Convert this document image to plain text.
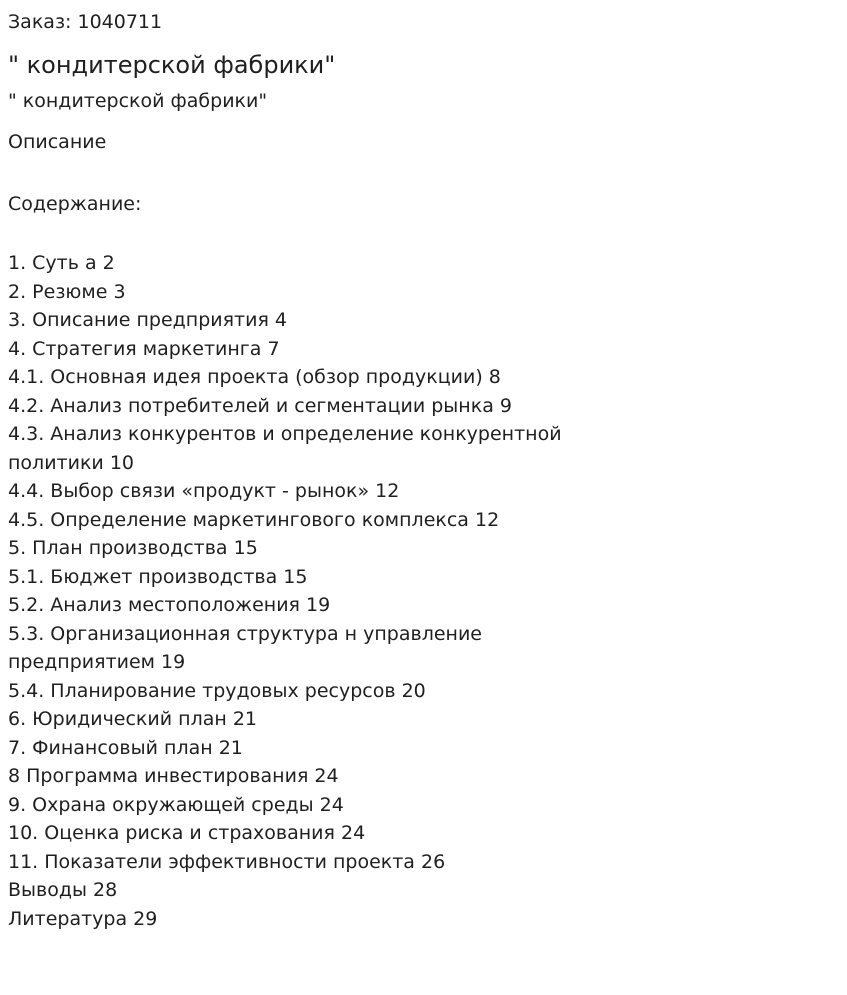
Заказ: 1040711

" кондитерской фабрики"
" кондитерской фабрики"
Описание
Содержание:
1. Суть а 2
2. Резюме 3
3. Описание предприятия 4
4. Стратегия маркетинга 7
4.1. Основная идея проекта (обзор продукции) 8
4.2. Анализ потребителей и сегментации рынка 9
4.3. Анализ конкурентов и определение конкурентной политики 10
4.4. Выбор связи «продукт - рынок» 12
4.5. Определение маркетингового комплекса 12
5. План производства 15
5.1. Бюджет производства 15
5.2. Анализ местоположения 19
5.3. Организационная структура н управление предприятием 19
5.4. Планирование трудовых ресурсов 20
6. Юридический план 21
7. Финансовый план 21
8 Программа инвестирования 24
9. Охрана окружающей среды 24
10. Оценка риска и страхования 24
11. Показатели эффективности проекта 26
Выводы 28
Литература 29
